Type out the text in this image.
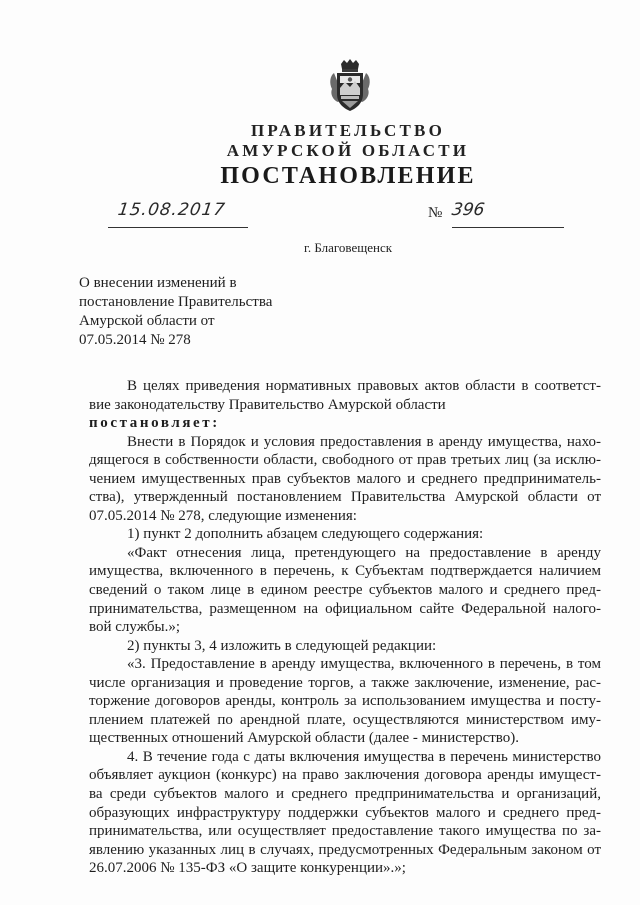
ПРАВИТЕЛЬСТВО
АМУРСКОЙ ОБЛАСТИ
ПОСТАНОВЛЕНИЕ
15.08.2017	№ 396
г. Благовещенск
О внесении изменений в
постановление Правительства
Амурской области от
07.05.2014 № 278
В целях приведения нормативных правовых актов области в соответст-
вие законодательству Правительство Амурской области
постановляет:
Внести в Порядок и условия предоставления в аренду имущества, нахо-
дящегося в собственности области, свободного от прав третьих лиц (за исклю-
чением имущественных прав субъектов малого и среднего предприниматель-
ства), утвержденный постановлением Правительства Амурской области от
07.05.2014 № 278, следующие изменения:
1) пункт 2 дополнить абзацем следующего содержания:
«Факт отнесения лица, претендующего на предоставление в аренду
имущества, включенного в перечень, к Субъектам подтверждается наличием
сведений о таком лице в едином реестре субъектов малого и среднего пред-
принимательства, размещенном на официальном сайте Федеральной налого-
вой службы.»;
2) пункты 3, 4 изложить в следующей редакции:
«3. Предоставление в аренду имущества, включенного в перечень, в том
числе организация и проведение торгов, а также заключение, изменение, рас-
торжение договоров аренды, контроль за использованием имущества и посту-
плением платежей по арендной плате, осуществляются министерством иму-
щественных отношений Амурской области (далее - министерство).
4. В течение года с даты включения имущества в перечень министерство
объявляет аукцион (конкурс) на право заключения договора аренды имущест-
ва среди субъектов малого и среднего предпринимательства и организаций,
образующих инфраструктуру поддержки субъектов малого и среднего пред-
принимательства, или осуществляет предоставление такого имущества по за-
явлению указанных лиц в случаях, предусмотренных Федеральным законом от
26.07.2006 № 135-ФЗ «О защите конкуренции».»;
